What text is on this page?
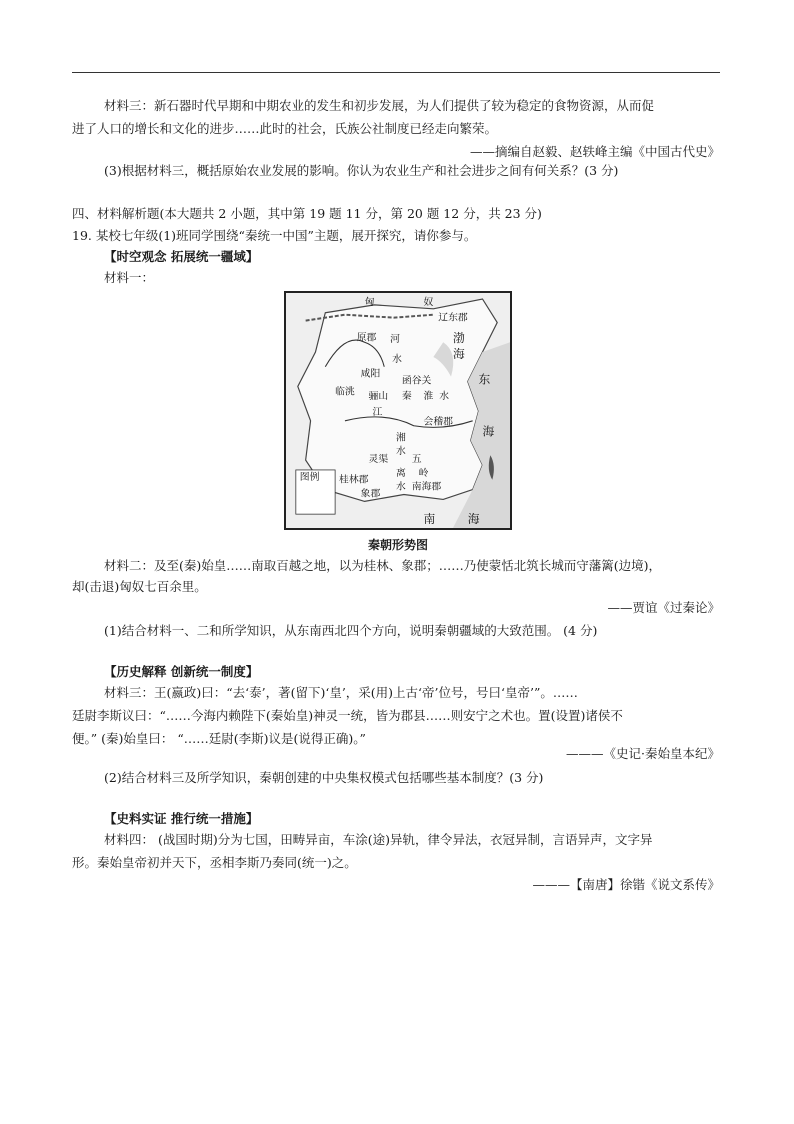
材料三：新石器时代早期和中期农业的发生和初步发展，为人们提供了较为稳定的食物资源，从而促
进了人口的增长和文化的进步……此时的社会，氏族公社制度已经走向繁荣。
——摘编自赵毅、赵轶峰主编《中国古代史》
(3)根据材料三，概括原始农业发展的影响。你认为农业生产和社会进步之间有何关系？(3 分)
四、材料解析题(本大题共 2 小题，其中第 19 题 11 分，第 20 题 12 分，共 23 分)
19. 某校七年级(1)班同学围绕“秦统一中国”主题，展开探究，请你参与。
【时空观念 拓展统一疆域】
材料一：
匈	奴
辽东郡
原郡 河	渤
海
水
咸阳
函谷关	东
临洮 骊山 秦 淮 水
江
会稽郡
海
湘
水
灵渠 五
岭
桂林郡
离
水 南海郡
象郡
图例
南	海
秦朝形势图
材料二：及至(秦)始皇……南取百越之地，以为桂林、象郡；……乃使蒙恬北筑长城而守藩篱(边境)，
却(击退)匈奴七百余里。
——贾谊《过秦论》
(1)结合材料一、二和所学知识，从东南西北四个方向，说明秦朝疆域的大致范围。 (4 分)
【历史解释 创新统一制度】
材料三：王(嬴政)曰：“去‘泰’，著(留下)‘皇’，采(用)上古‘帝’位号，号曰‘皇帝’”。……
廷尉李斯议曰：“……今海内赖陛下(秦始皇)神灵一统，皆为郡县……则安宁之术也。置(设置)诸侯不
便。” (秦)始皇曰： “……廷尉(李斯)议是(说得正确)。”
———《史记·秦始皇本纪》
(2)结合材料三及所学知识，秦朝创建的中央集权模式包括哪些基本制度？(3 分)
【史料实证 推行统一措施】
材料四： (战国时期)分为七国，田畴异亩，车涂(途)异轨，律令异法，衣冠异制，言语异声，文字异
形。秦始皇帝初并天下，丞相李斯乃奏同(统一)之。
———【南唐】徐锴《说文系传》
